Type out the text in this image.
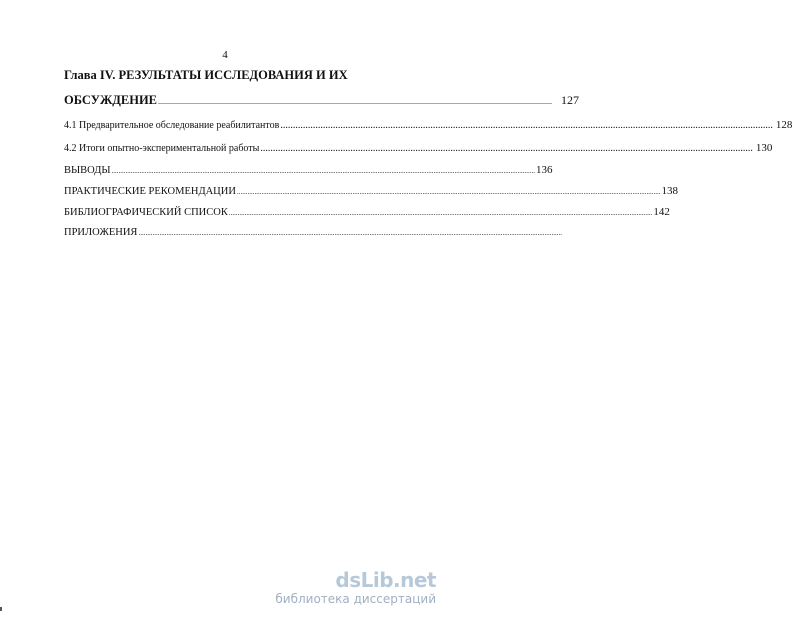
4
Глава IV. РЕЗУЛЬТАТЫ ИССЛЕДОВАНИЯ И ИХ
ОБСУЖДЕНИЕ ..................................................................................................................................................................................................... 127
4.1 Предварительное обследование реабилитантов ..................................................................................................................................................................................................... 128
4.2 Итоги опытно-экспериментальной работы ..................................................................................................................................................................................................... 130
ВЫВОДЫ .................................................................................................................................................................................................................................................. 136
ПРАКТИЧЕСКИЕ РЕКОМЕНДАЦИИ .................................................................................................................................................................................................................................................. 138
БИБЛИОГРАФИЧЕСКИЙ СПИСОК .................................................................................................................................................................................................................................................. 142
ПРИЛОЖЕНИЯ ..................................................................................................................................................................................................................................................
dsLib.net
библиотека диссертаций
